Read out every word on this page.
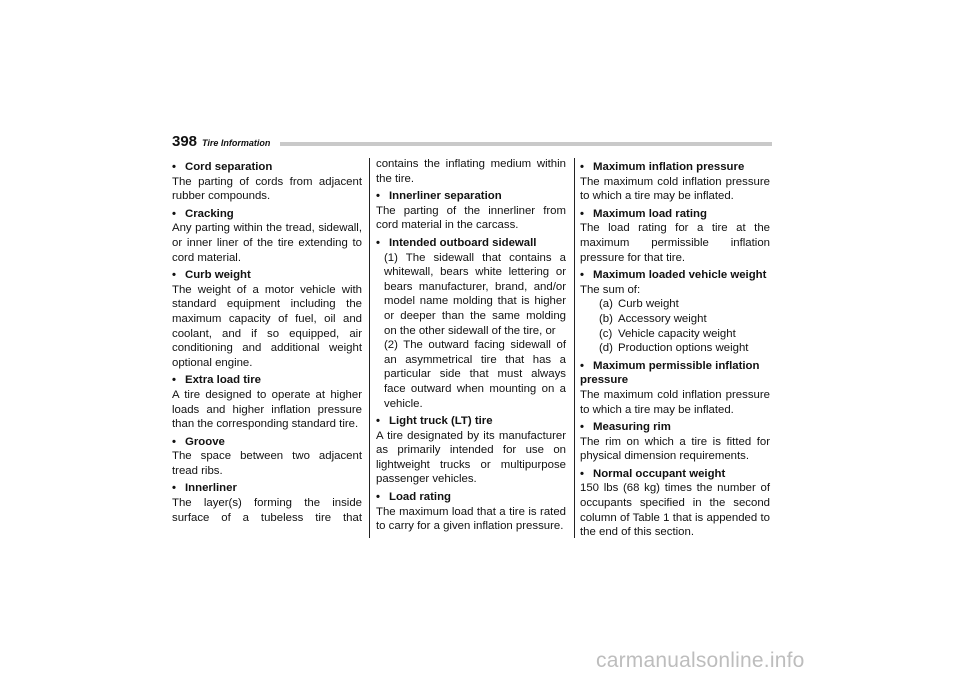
398 Tire Information
• Cord separation
The parting of cords from adjacent rubber compounds.
• Cracking
Any parting within the tread, sidewall, or inner liner of the tire extending to cord material.
• Curb weight
The weight of a motor vehicle with standard equipment including the maximum capacity of fuel, oil and coolant, and if so equipped, air conditioning and additional weight optional engine.
• Extra load tire
A tire designed to operate at higher loads and higher inflation pressure than the corresponding standard tire.
• Groove
The space between two adjacent tread ribs.
• Innerliner
The layer(s) forming the inside surface of a tubeless tire that
contains the inflating medium within the tire.
• Innerliner separation
The parting of the innerliner from cord material in the carcass.
• Intended outboard sidewall
(1) The sidewall that contains a whitewall, bears white lettering or bears manufacturer, brand, and/or model name molding that is higher or deeper than the same molding on the other sidewall of the tire, or
(2) The outward facing sidewall of an asymmetrical tire that has a particular side that must always face outward when mounting on a vehicle.
• Light truck (LT) tire
A tire designated by its manufacturer as primarily intended for use on lightweight trucks or multipurpose passenger vehicles.
• Load rating
The maximum load that a tire is rated to carry for a given inflation pressure.
• Maximum inflation pressure
The maximum cold inflation pressure to which a tire may be inflated.
• Maximum load rating
The load rating for a tire at the maximum permissible inflation pressure for that tire.
• Maximum loaded vehicle weight
The sum of:
(a) Curb weight
(b) Accessory weight
(c) Vehicle capacity weight
(d) Production options weight
• Maximum permissible inflation pressure
The maximum cold inflation pressure to which a tire may be inflated.
• Measuring rim
The rim on which a tire is fitted for physical dimension requirements.
• Normal occupant weight
150 lbs (68 kg) times the number of occupants specified in the second column of Table 1 that is appended to the end of this section.
carmanualsonline.info
